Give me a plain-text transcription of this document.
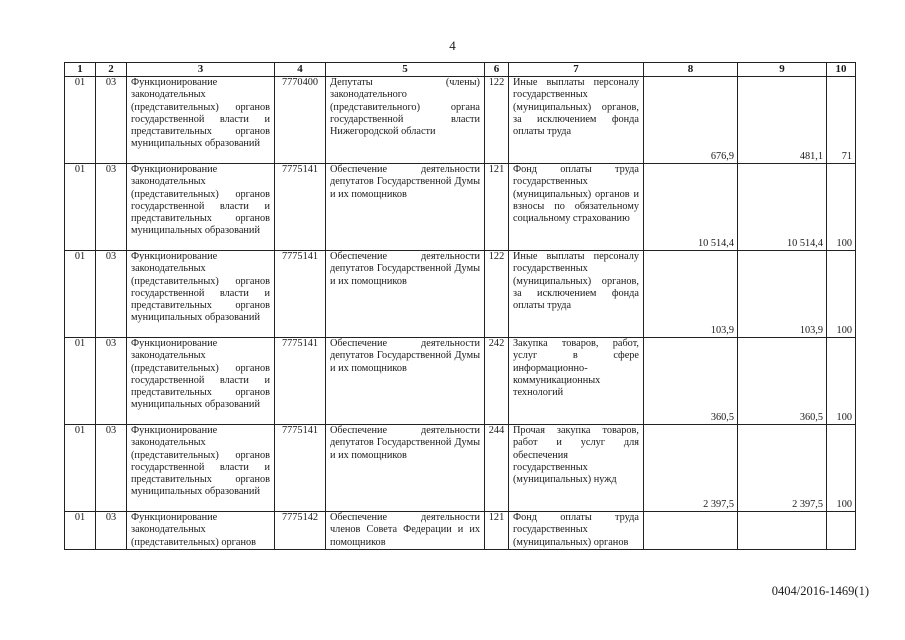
4
1	2	3	4	5	6	7	8	9	10
01	03	Функционирование законодательных (представительных) органов государственной власти и представительных органов муниципальных образований	7770400	Депутаты (члены) законодательного (представительного) органа государственной власти Нижегородской области	122	Иные выплаты персоналу государственных (муниципальных) органов, за исключением фонда оплаты труда	676,9	481,1	71
01	03	Функционирование законодательных (представительных) органов государственной власти и представительных органов муниципальных образований	7775141	Обеспечение деятельности депутатов Государственной Думы и их помощников	121	Фонд оплаты труда государственных (муниципальных) органов и взносы по обязательному социальному страхованию	10 514,4	10 514,4	100
01	03	Функционирование законодательных (представительных) органов государственной власти и представительных органов муниципальных образований	7775141	Обеспечение деятельности депутатов Государственной Думы и их помощников	122	Иные выплаты персоналу государственных (муниципальных) органов, за исключением фонда оплаты труда	103,9	103,9	100
01	03	Функционирование законодательных (представительных) органов государственной власти и представительных органов муниципальных образований	7775141	Обеспечение деятельности депутатов Государственной Думы и их помощников	242	Закупка товаров, работ, услуг в сфере информационно-коммуникационных технологий	360,5	360,5	100
01	03	Функционирование законодательных (представительных) органов государственной власти и представительных органов муниципальных образований	7775141	Обеспечение деятельности депутатов Государственной Думы и их помощников	244	Прочая закупка товаров, работ и услуг для обеспечения государственных (муниципальных) нужд	2 397,5	2 397,5	100
01	03	Функционирование законодательных (представительных) органов	7775142	Обеспечение деятельности членов Совета Федерации и их помощников	121	Фонд оплаты труда государственных (муниципальных) органов			
0404/2016-1469(1)
